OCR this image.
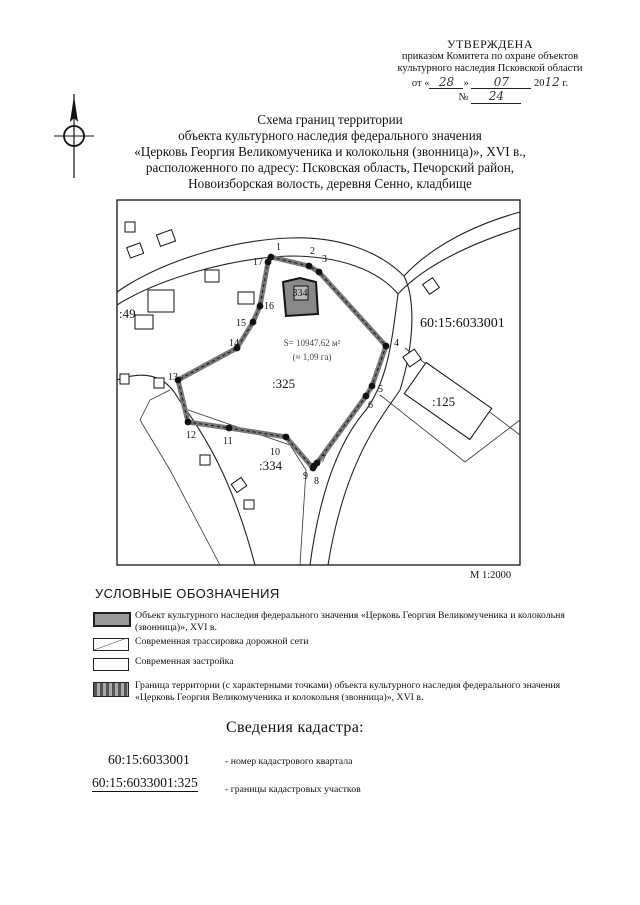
УТВЕРЖДЕНА
приказом Комитета по охране объектов
культурного наследия Псковской области
от « 28 » 07 2012 г.
№ 24
Схема границ территории
объекта культурного наследия федерального значения
«Церковь Георгия Великомученика и колокольня (звонница)», XVI в.,
расположенного по адресу: Псковская область, Печорский район,
Новоизборская волость, деревня Сенно, кладбище
334
1	2
3
4
5
6
7
8
9
10
11
12
13
14
15
16
17
S= 10947.62 м²
(≈ 1,09 га)
:325
:334
:125
:49
60:15:6033001
М 1:2000
УСЛОВНЫЕ ОБОЗНАЧЕНИЯ
Объект культурного наследия федерального значения «Церковь Георгия Великомученика и колокольня (звонница)», XVI в.
Современная трассировка дорожной сети
Современная застройка
Граница территории (с характерными точками) объекта культурного наследия федерального значения «Церковь Георгия Великомученика и колокольня (звонница)», XVI в.
Сведения кадастра:
60:15:6033001	- номер кадастрового квартала
60:15:6033001:325	- границы кадастровых участков
